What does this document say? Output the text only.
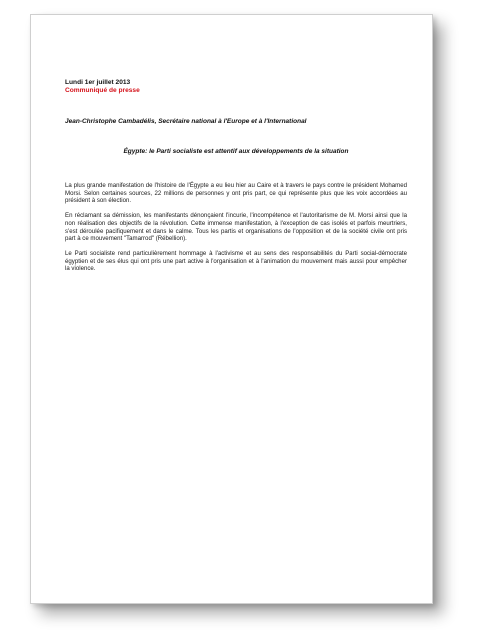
Lundi 1er juillet 2013
Communiqué de presse
Jean-Christophe Cambadélis, Secrétaire national à l'Europe et à l'International
Égypte: le Parti socialiste est attentif aux développements de la situation

La plus grande manifestation de l'histoire de l'Égypte a eu lieu hier au Caire et à travers le pays contre le président Mohamed Morsi. Selon certaines sources, 22 millions de personnes y ont pris part, ce qui représente plus que les voix accordées au président à son élection.

En réclamant sa démission, les manifestants dénonçaient l'incurie, l'incompétence et l'autoritarisme de M. Morsi ainsi que la non réalisation des objectifs de la révolution. Cette immense manifestation, à l'exception de cas isolés et parfois meurtriers, s'est déroulée pacifiquement et dans le calme. Tous les partis et organisations de l'opposition et de la société civile ont pris part à ce mouvement "Tamarrod" (Rébellion).

Le Parti socialiste rend particulièrement hommage à l'activisme et au sens des responsabilités du Parti social-démocrate égyptien et de ses élus qui ont pris une part active à l'organisation et à l'animation du mouvement mais aussi pour empêcher la violence.
